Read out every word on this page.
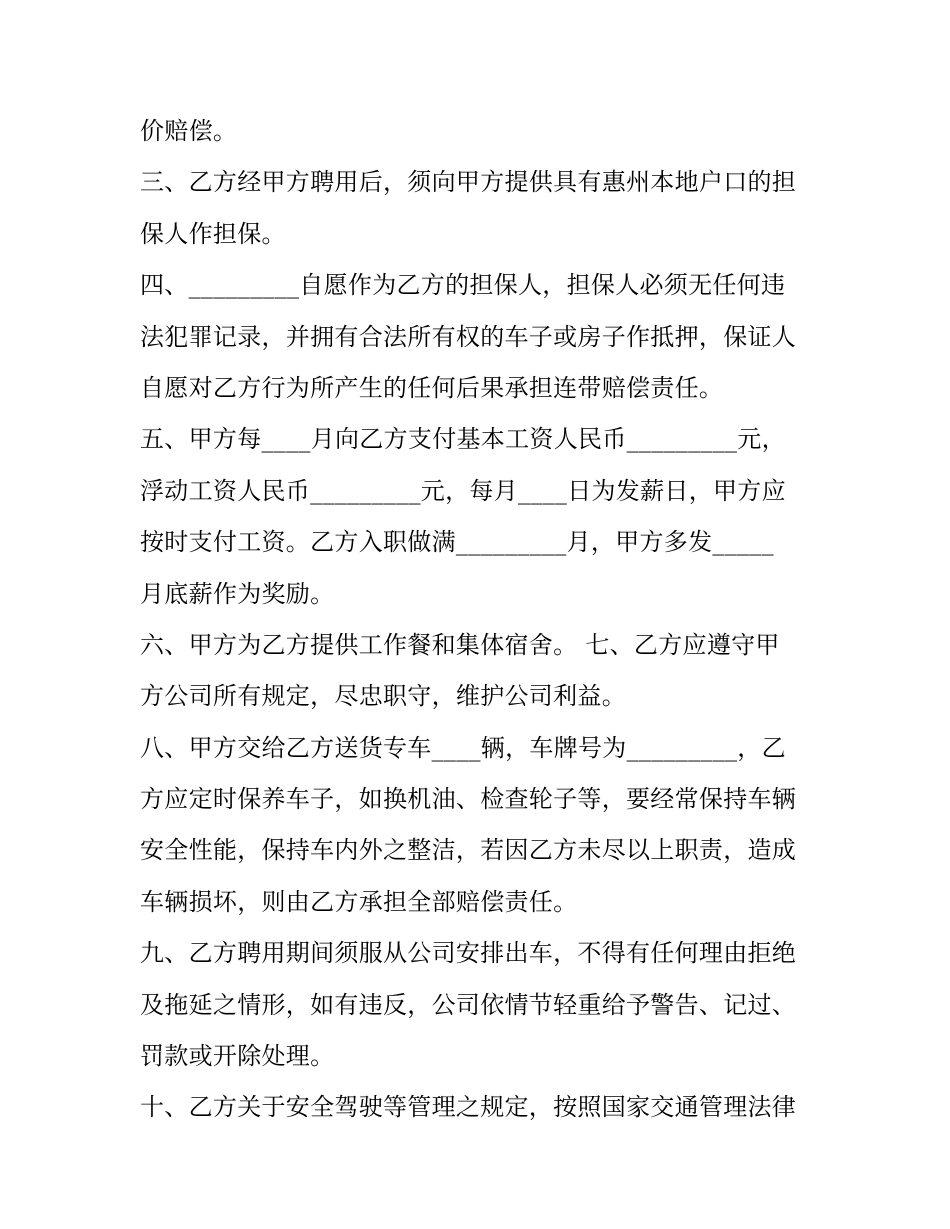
价赔偿。
三、乙方经甲方聘用后，须向甲方提供具有惠州本地户口的担
保人作担保。
四、_________自愿作为乙方的担保人，担保人必须无任何违
法犯罪记录，并拥有合法所有权的车子或房子作抵押，保证人
自愿对乙方行为所产生的任何后果承担连带赔偿责任。
五、甲方每____月向乙方支付基本工资人民币_________元，
浮动工资人民币_________元，每月____日为发薪日，甲方应
按时支付工资。乙方入职做满_________月，甲方多发_____
月底薪作为奖励。
六、甲方为乙方提供工作餐和集体宿舍。 七、乙方应遵守甲
方公司所有规定，尽忠职守，维护公司利益。
八、甲方交给乙方送货专车____辆，车牌号为_________，乙
方应定时保养车子，如换机油、检查轮子等，要经常保持车辆
安全性能，保持车内外之整洁，若因乙方未尽以上职责，造成
车辆损坏，则由乙方承担全部赔偿责任。
九、乙方聘用期间须服从公司安排出车，不得有任何理由拒绝
及拖延之情形，如有违反，公司依情节轻重给予警告、记过、
罚款或开除处理。
十、乙方关于安全驾驶等管理之规定，按照国家交通管理法律
